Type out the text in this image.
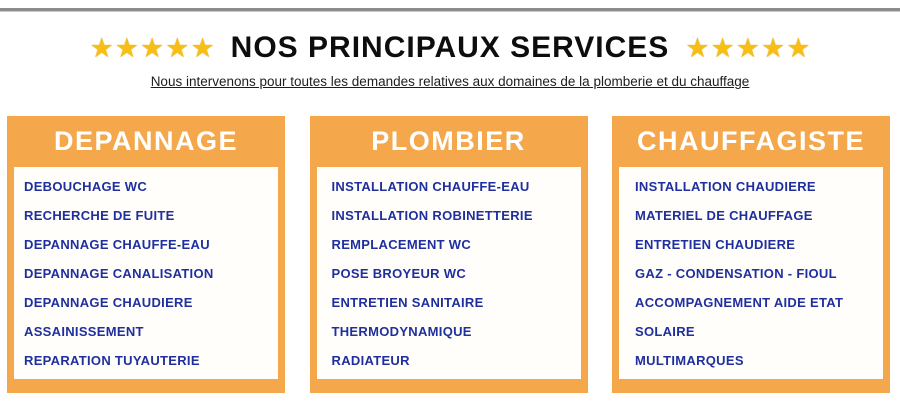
★ ★ ★ ★ ★ NOS PRINCIPAUX SERVICES ★ ★ ★ ★ ★
Nous intervenons pour toutes les demandes relatives aux domaines de la plomberie et du chauffage
DEPANNAGE
DEBOUCHAGE WC
RECHERCHE DE FUITE
DEPANNAGE CHAUFFE-EAU
DEPANNAGE CANALISATION
DEPANNAGE CHAUDIERE
ASSAINISSEMENT
REPARATION TUYAUTERIE
PLOMBIER
INSTALLATION CHAUFFE-EAU
INSTALLATION ROBINETTERIE
REMPLACEMENT WC
POSE BROYEUR WC
ENTRETIEN SANITAIRE
THERMODYNAMIQUE
RADIATEUR
CHAUFFAGISTE
INSTALLATION CHAUDIERE
MATERIEL DE CHAUFFAGE
ENTRETIEN CHAUDIERE
GAZ - CONDENSATION - FIOUL
ACCOMPAGNEMENT AIDE ETAT
SOLAIRE
MULTIMARQUES
